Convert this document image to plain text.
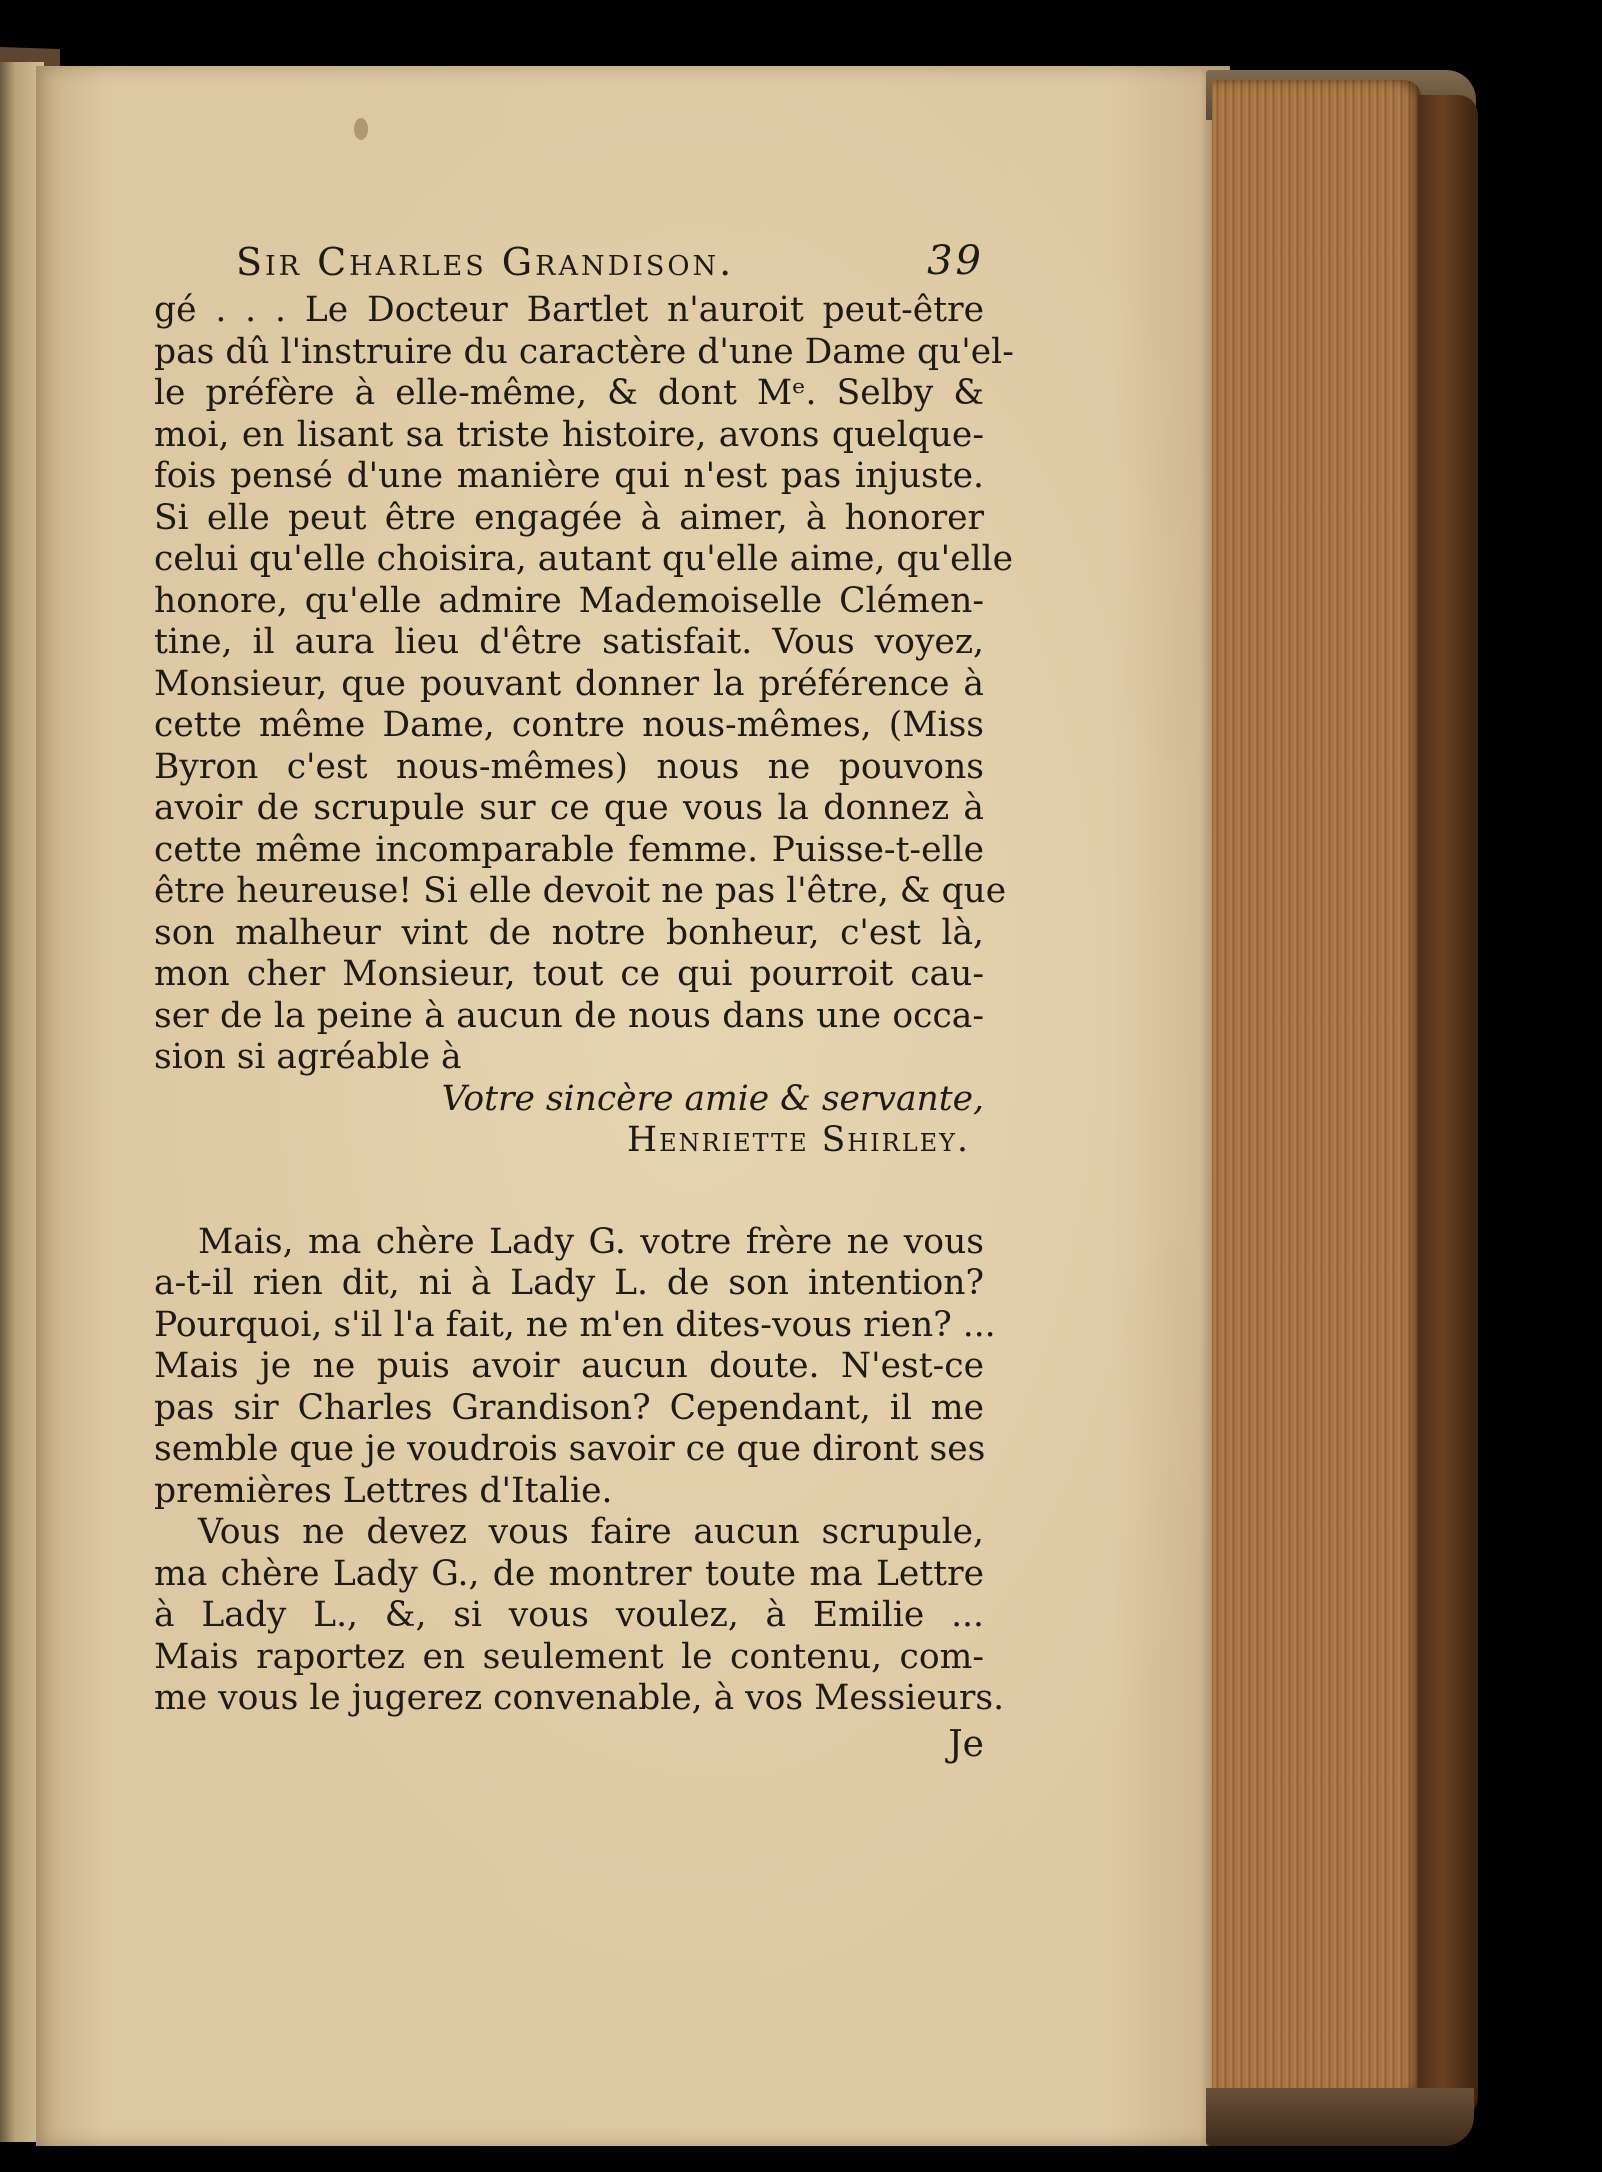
Sir Charles Grandison.	39
gé . . . Le Docteur Bartlet n'auroit peut-être
pas dû l'instruire du caractère d'une Dame qu'el-
le préfère à elle-même, & dont Mᵉ. Selby &
moi, en lisant sa triste histoire, avons quelque-
fois pensé d'une manière qui n'est pas injuste.
Si elle peut être engagée à aimer, à honorer
celui qu'elle choisira, autant qu'elle aime, qu'elle
honore, qu'elle admire Mademoiselle Clémen-
tine, il aura lieu d'être satisfait. Vous voyez,
Monsieur, que pouvant donner la préférence à
cette même Dame, contre nous-mêmes, (Miss
Byron c'est nous-mêmes) nous ne pouvons
avoir de scrupule sur ce que vous la donnez à
cette même incomparable femme. Puisse-t-elle
être heureuse! Si elle devoit ne pas l'être, & que
son malheur vint de notre bonheur, c'est là,
mon cher Monsieur, tout ce qui pourroit cau-
ser de la peine à aucun de nous dans une occa-
sion si agréable à
Votre sincère amie & servante,
Henriette Shirley.
Mais, ma chère Lady G. votre frère ne vous
a-t-il rien dit, ni à Lady L. de son intention?
Pourquoi, s'il l'a fait, ne m'en dites-vous rien? ...
Mais je ne puis avoir aucun doute. N'est-ce
pas sir Charles Grandison? Cependant, il me
semble que je voudrois savoir ce que diront ses
premières Lettres d'Italie.
Vous ne devez vous faire aucun scrupule,
ma chère Lady G., de montrer toute ma Lettre
à Lady L., &, si vous voulez, à Emilie ...
Mais raportez en seulement le contenu, com-
me vous le jugerez convenable, à vos Messieurs.
Je
